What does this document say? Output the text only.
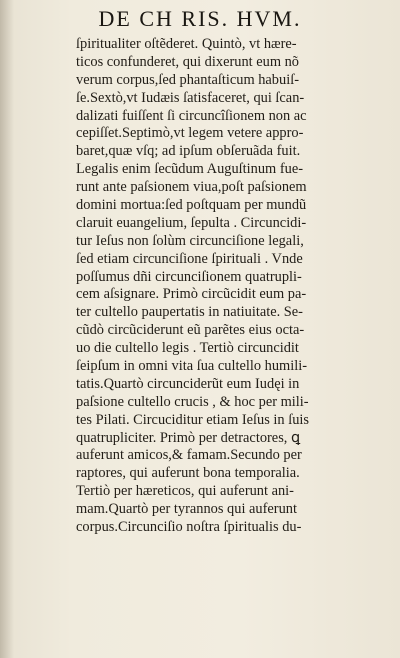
DE CH RIS. HVM.
ſpiritualiter oſtẽderet. Quintò, vt hære-
ticos confunderet, qui dixerunt eum nõ
verum corpus,ſed phantaſticum habuiſ-
ſe.Sextò,vt Iudæis ſatisfaceret, qui ſcan-
dalizati fuiſſent ſi circuncîſionem non ac
cepiſſet.Septimò,vt legem vetere appro-
baret,quæ vſq; ad ipſum obſeruãda fuit.
Legalis enim ſecũdum Auguſtinum fue-
runt ante paſsionem viua,poſt paſsionem
domini mortua:ſed poſtquam per mundũ
claruit euangelium, ſepulta . Circuncidi-
tur Ieſus non ſolùm circunciſione legali,
ſed etiam circunciſione ſpirituali . Vnde
poſſumus dñi circunciſionem quatrupli-
cem aſsignare. Primò circũcidit eum pa-
ter cultello paupertatis in natiuitate. Se-
cũdò circũciderunt eũ parẽtes eius octa-
uo die cultello legis . Tertiò circuncidit
ſeipſum in omni vita ſua cultello humili-
tatis.Quartò circunciderũt eum Iudęi in
paſsione cultello crucis , & hoc per mili-
tes Pilati. Circuciditur etiam Ieſus in ſuis
quatrupliciter. Primò per detractores, ꝗ
auferunt amicos,& famam.Secundo per
raptores, qui auferunt bona temporalia.
Tertiò per hæreticos, qui auferunt ani-
mam.Quartò per tyrannos qui auferunt
corpus.Circunciſio noſtra ſpiritualis du-
